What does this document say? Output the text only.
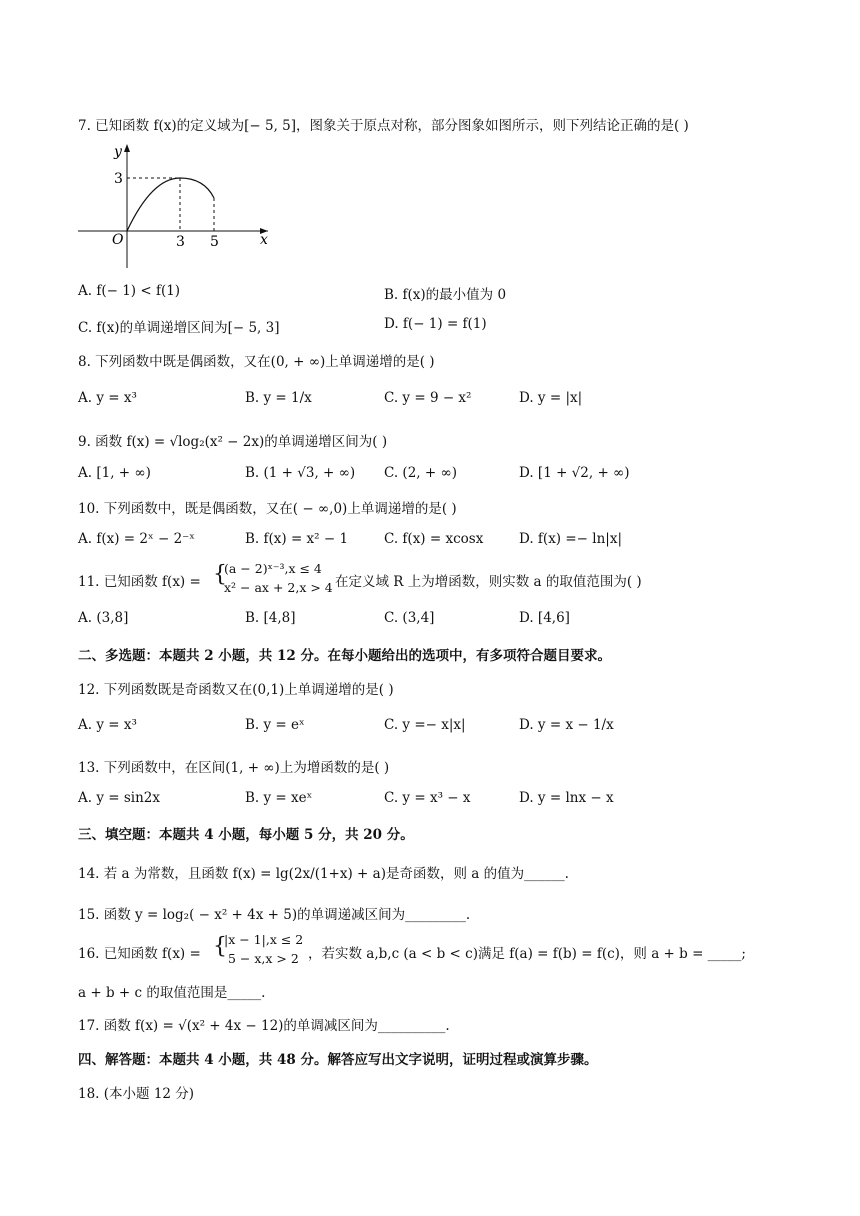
7. 已知函数 f(x)的定义域为[− 5, 5]，图象关于原点对称，部分图象如图所示，则下列结论正确的是( )
y
x
O
3
3 5
A. f(− 1) < f(1)	B. f(x)的最小值为 0
C. f(x)的单调递增区间为[− 5, 3]	D. f(− 1) = f(1)
8. 下列函数中既是偶函数，又在(0, + ∞)上单调递增的是( )
A. y = x³	B. y = 1/x	C. y = 9 − x²	D. y = |x|
9. 函数 f(x) = √log₂(x² − 2x)的单调递增区间为( )
A. [1, + ∞)	B. (1 + √3, + ∞) C. (2, + ∞)	D. [1 + √2, + ∞)
10. 下列函数中，既是偶函数，又在( − ∞,0)上单调递增的是( )
A. f(x) = 2ˣ − 2⁻ˣ	B. f(x) = x² − 1	C. f(x) = xcosx	D. f(x) =− ln|x|
11. 已知函数 f(x) = {
(a − 2)ˣ⁻³,x ≤ 4
x² − ax + 2,x > 4 在定义域 R 上为增函数，则实数 a 的取值范围为( )
A. (3,8]	B. [4,8]	C. (3,4]	D. [4,6]
二、多选题：本题共 2 小题，共 12 分。在每小题给出的选项中，有多项符合题目要求。
12. 下列函数既是奇函数又在(0,1)上单调递增的是( )
A. y = x³	B. y = eˣ	C. y =− x|x|	D. y = x − 1/x
13. 下列函数中，在区间(1, + ∞)上为增函数的是( )
A. y = sin2x	B. y = xeˣ	C. y = x³ − x	D. y = lnx − x
三、填空题：本题共 4 小题，每小题 5 分，共 20 分。
14. 若 a 为常数，且函数 f(x) = lg(2x/(1+x) + a)是奇函数，则 a 的值为______.
15. 函数 y = log₂( − x² + 4x + 5)的单调递减区间为_________.
16. 已知函数 f(x) = {
|x − 1|,x ≤ 2
5 − x,x > 2 ，若实数 a,b,c (a < b < c)满足 f(a) = f(b) = f(c)，则 a + b = _____;
a + b + c 的取值范围是_____.
17. 函数 f(x) = √(x² + 4x − 12)的单调减区间为__________.
四、解答题：本题共 4 小题，共 48 分。解答应写出文字说明，证明过程或演算步骤。
18. (本小题 12 分)
